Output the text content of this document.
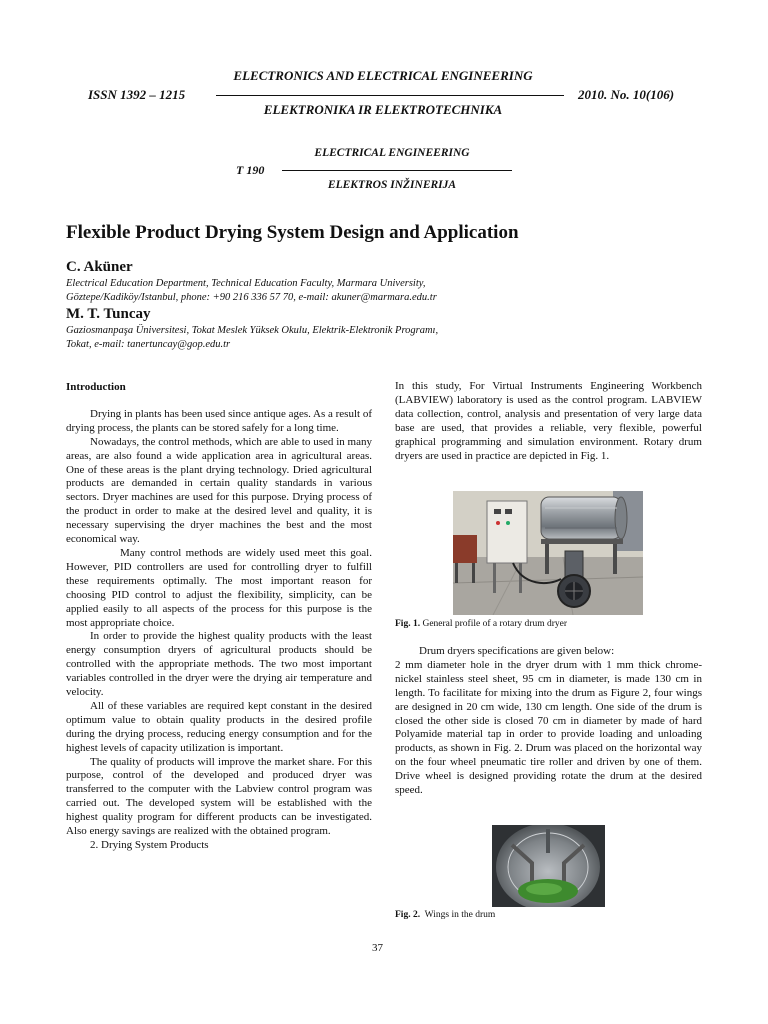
ELECTRONICS AND ELECTRICAL ENGINEERING
ISSN 1392 – 1215	2010. No. 10(106)
ELEKTRONIKA IR ELEKTROTECHNIKA
ELECTRICAL ENGINEERING
T 190
ELEKTROS INŽINERIJA
Flexible Product Drying System Design and Application
C. Aküner
Electrical Education Department, Technical Education Faculty, Marmara University,
Göztepe/Kadiköy/Istanbul, phone: +90 216 336 57 70, e-mail: akuner@marmara.edu.tr
M. T. Tuncay
Gaziosmanpaşa Üniversitesi, Tokat Meslek Yüksek Okulu, Elektrik-Elektronik Programı,
Tokat, e-mail: tanertuncay@gop.edu.tr
Introduction

Drying in plants has been used since antique ages. As a result of drying process, the plants can be stored safely for a long time.

Nowadays, the control methods, which are able to used in many areas, are also found a wide application area in agricultural areas. One of these areas is the plant drying technology. Dried agricultural products are demanded in certain quality standards in various sectors. Dryer machines are used for this purpose. Drying process of the product in order to make at the desired level and quality, it is necessary supervising the dryer machines the best and the most economical way.

Many control methods are widely used meet this goal. However, PID controllers are used for controlling dryer to fulfill these requirements optimally. The most important reason for choosing PID control to adjust the flexibility, simplicity, can be applied easily to all aspects of the process for this purpose is the most appropriate choice.

In order to provide the highest quality products with the least energy consumption dryers of agricultural products should be controlled with the appropriate methods. The two most important variables controlled in the dryer were the drying air temperature and velocity.

All of these variables are required kept constant in the desired optimum value to obtain quality products in the desired profile during the drying process, reducing energy consumption and for the highest levels of capacity utilization is important.

The quality of products will improve the market share. For this purpose, control of the developed and produced dryer was transferred to the computer with the Labview control program was carried out. The developed system will be established with the highest quality program for different products can be investigated. Also energy savings are realized with the obtained program.

2. Drying System Products

In this study, For Virtual Instruments Engineering Workbench (LABVIEW) laboratory is used as the control program. LABVIEW data collection, control, analysis and presentation of very large data base are used, that provides a reliable, very flexible, powerful graphical programming and simulation environment. Rotary drum dryers are used in practice are depicted in Fig. 1.

Fig. 1. General profile of a rotary drum dryer

Drum dryers specifications are given below:

2 mm diameter hole in the dryer drum with 1 mm thick chrome-nickel stainless steel sheet, 95 cm in diameter, is made 130 cm in length. To facilitate for mixing into the drum as Figure 2, four wings are designed in 20 cm wide, 130 cm length. One side of the drum is closed the other side is closed 70 cm in diameter by made of hard Polyamide material tap in order to provide loading and unloading products, as shown in Fig. 2. Drum was placed on the horizontal way on the four wheel pneumatic tire roller and driven by one of them. Drive wheel is designed providing rotate the drum at the desired speed.

Fig. 2. Wings in the drum
37
